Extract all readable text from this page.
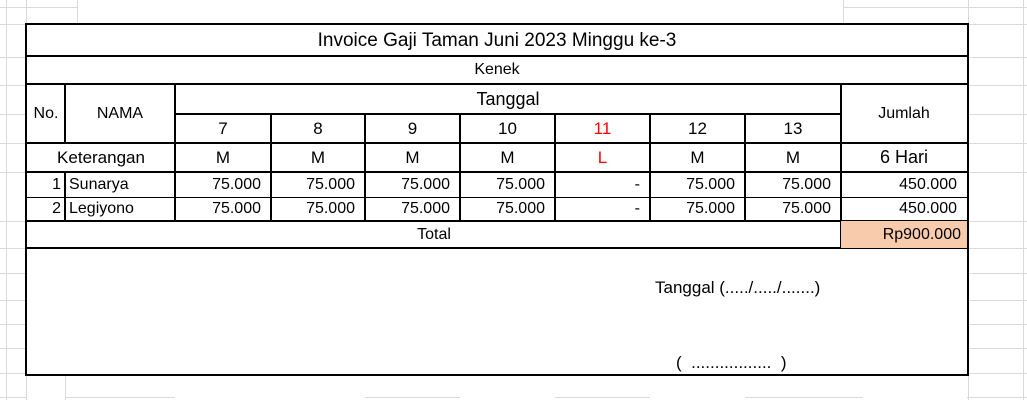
Invoice Gaji Taman Juni 2023 Minggu ke-3
Kenek
No.	NAMA
Tanggal
Jumlah
7	8	9	10	11	12	13
Keterangan	M	M	M	M	L	M	M	6 Hari
1 Sunarya	75.000	75.000	75.000	75.000	-	75.000	75.000	450.000
2 Legiyono	75.000	75.000	75.000	75.000	-	75.000	75.000	450.000
Total	Rp900.000
Tanggal (...../...../.......)
(  .................  )
